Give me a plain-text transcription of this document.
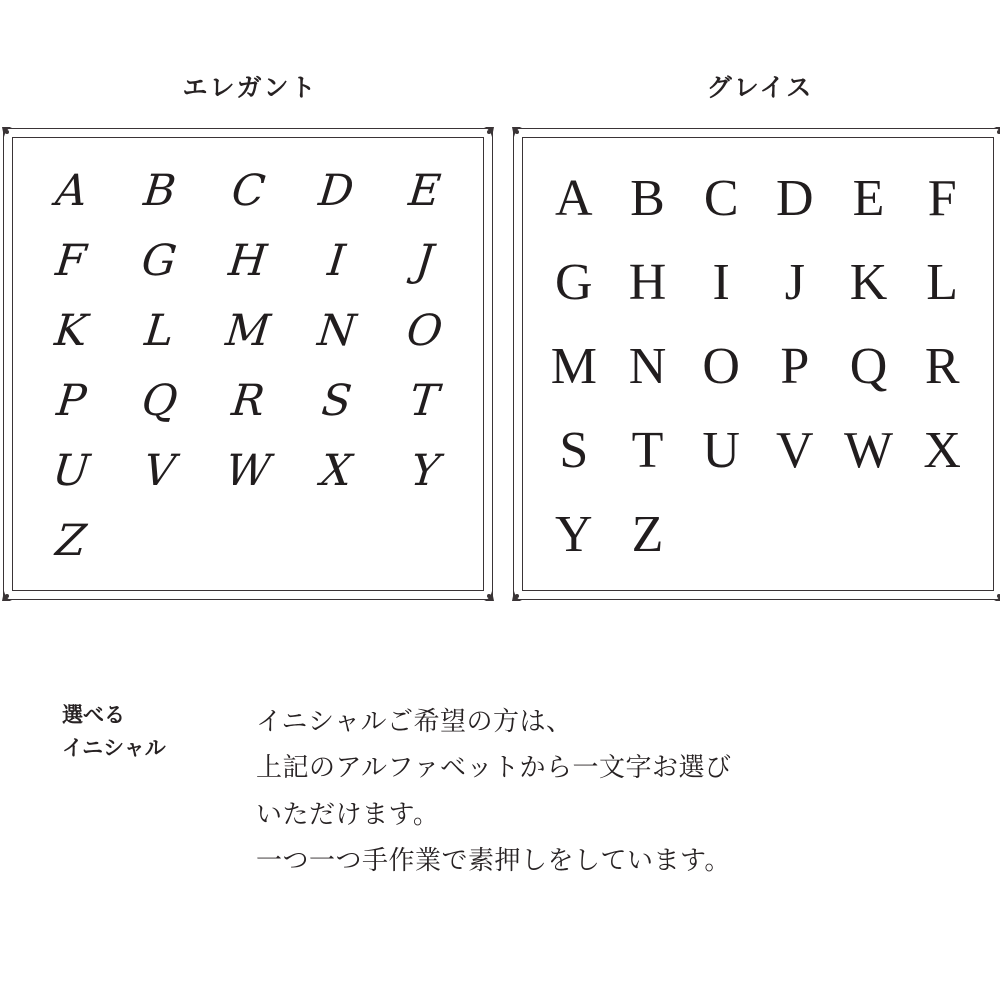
エレガント	グレイス
A B C D E
F G H I J
K L M N O
P Q R S T
U V W X Y
Z
A B C D E F
G H I J K L
M N O P Q R
S T U V W X
Y Z
選べる
イニシャル
イニシャルご希望の方は、
上記のアルファベットから一文字お選び
いただけます。
一つ一つ手作業で素押しをしています。
